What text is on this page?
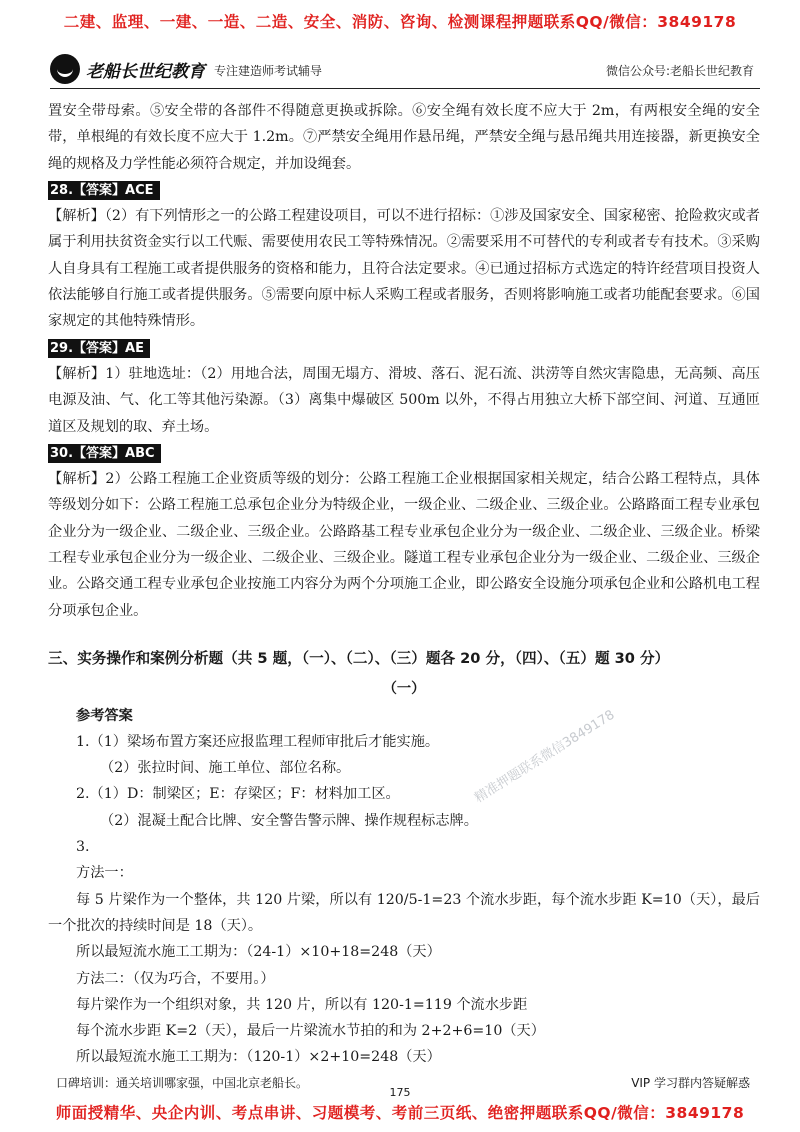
二建、监理、一建、一造、二造、安全、消防、咨询、检测课程押题联系QQ/微信：3849178
老船长世纪教育 专注建造师考试辅导	微信公众号:老船长世纪教育

置安全带母索。⑤安全带的各部件不得随意更换或拆除。⑥安全绳有效长度不应大于 2m，有两根安全绳的安全带，单根绳的有效长度不应大于 1.2m。⑦严禁安全绳用作悬吊绳，严禁安全绳与悬吊绳共用连接器，新更换安全绳的规格及力学性能必须符合规定，并加设绳套。

28.【答案】ACE

【解析】（2）有下列情形之一的公路工程建设项目，可以不进行招标：①涉及国家安全、国家秘密、抢险救灾或者属于利用扶贫资金实行以工代赈、需要使用农民工等特殊情况。②需要采用不可替代的专利或者专有技术。③采购人自身具有工程施工或者提供服务的资格和能力，且符合法定要求。④已通过招标方式选定的特许经营项目投资人依法能够自行施工或者提供服务。⑤需要向原中标人采购工程或者服务，否则将影响施工或者功能配套要求。⑥国家规定的其他特殊情形。

29.【答案】AE

【解析】1）驻地选址：（2）用地合法，周围无塌方、滑坡、落石、泥石流、洪涝等自然灾害隐患，无高频、高压电源及油、气、化工等其他污染源。（3）离集中爆破区 500m 以外，不得占用独立大桥下部空间、河道、互通匝道区及规划的取、弃土场。

30.【答案】ABC

【解析】2）公路工程施工企业资质等级的划分：公路工程施工企业根据国家相关规定，结合公路工程特点，具体等级划分如下：公路工程施工总承包企业分为特级企业，一级企业、二级企业、三级企业。公路路面工程专业承包企业分为一级企业、二级企业、三级企业。公路路基工程专业承包企业分为一级企业、二级企业、三级企业。桥梁工程专业承包企业分为一级企业、二级企业、三级企业。隧道工程专业承包企业分为一级企业、二级企业、三级企业。公路交通工程专业承包企业按施工内容分为两个分项施工企业，即公路安全设施分项承包企业和公路机电工程分项承包企业。

三、实务操作和案例分析题（共 5 题，（一）、（二）、（三）题各 20 分，（四）、（五）题 30 分）

（一）

参考答案

1.（1）梁场布置方案还应报监理工程师审批后才能实施。

（2）张拉时间、施工单位、部位名称。

2.（1）D：制梁区；E：存梁区；F：材料加工区。

（2）混凝土配合比牌、安全警告警示牌、操作规程标志牌。

3.

方法一：

每 5 片梁作为一个整体，共 120 片梁，所以有 120/5-1=23 个流水步距，每个流水步距 K=10（天），最后一个批次的持续时间是 18（天）。

所以最短流水施工工期为：（24-1）×10+18=248（天）

方法二：（仅为巧合，不要用。）

每片梁作为一个组织对象，共 120 片，所以有 120-1=119 个流水步距

每个流水步距 K=2（天），最后一片梁流水节拍的和为 2+2+6=10（天）

所以最短流水施工工期为：（120-1）×2+10=248（天）

精准押题联系微信3849178
口碑培训：通关培训哪家强，中国北京老船长。	VIP 学习群内答疑解惑
175
师面授精华、央企内训、考点串讲、习题模考、考前三页纸、绝密押题联系QQ/微信：3849178
